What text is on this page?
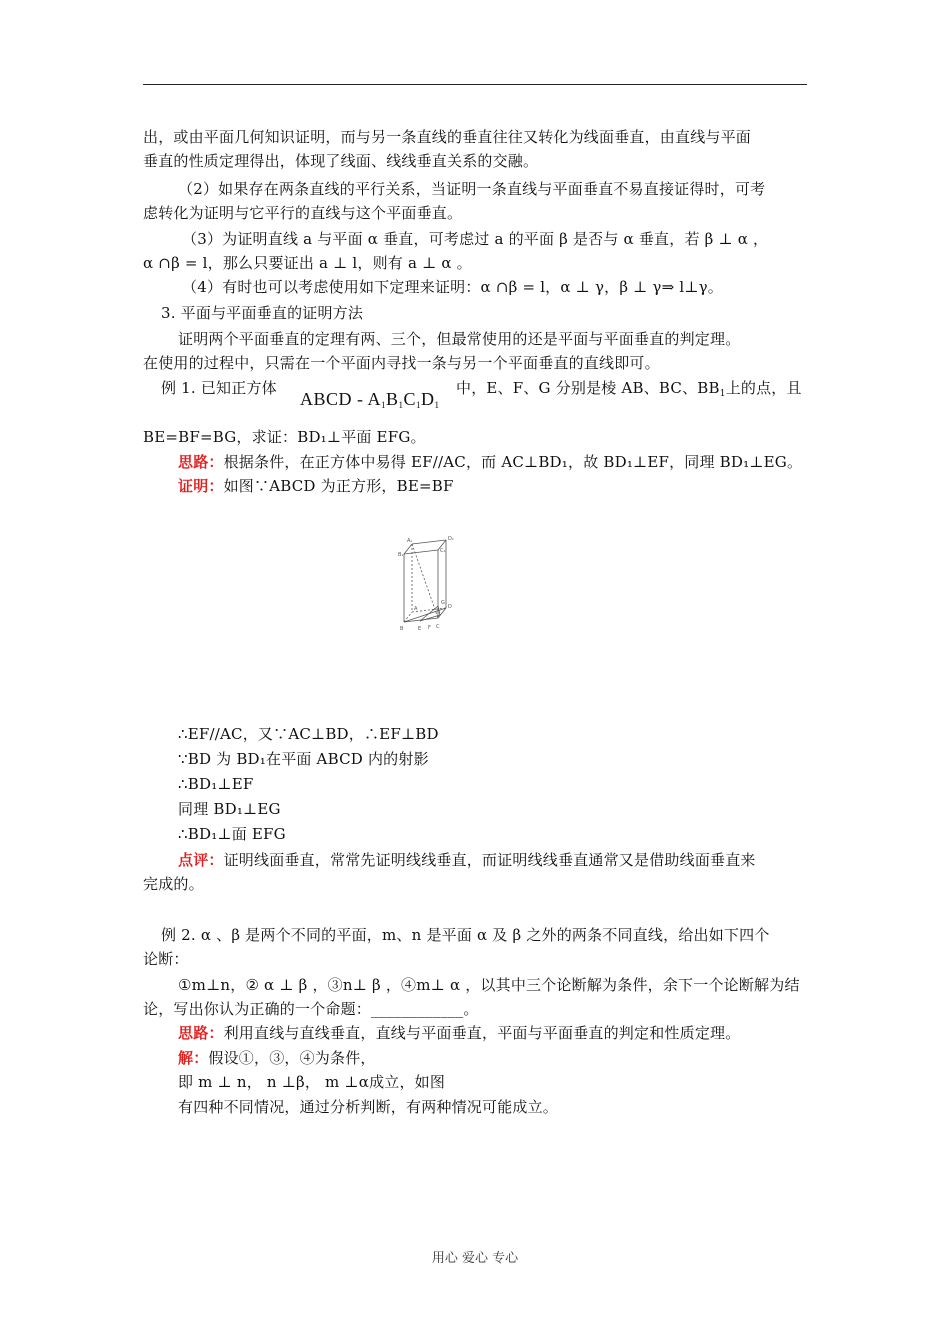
出，或由平面几何知识证明，而与另一条直线的垂直往往又转化为线面垂直，由直线与平面
垂直的性质定理得出，体现了线面、线线垂直关系的交融。
（2）如果存在两条直线的平行关系，当证明一条直线与平面垂直不易直接证得时，可考
虑转化为证明与它平行的直线与这个平面垂直。
（3）为证明直线 a 与平面 α 垂直，可考虑过 a 的平面 β 是否与 α 垂直，若 β ⊥ α ，
α ∩β = l，那么只要证出 a ⊥ l，则有 a ⊥ α 。
（4）有时也可以考虑使用如下定理来证明：α ∩β = l，α ⊥ γ，β ⊥ γ⇒ l⊥γ。
3. 平面与平面垂直的证明方法
证明两个平面垂直的定理有两、三个，但最常使用的还是平面与平面垂直的判定理。
在使用的过程中，只需在一个平面内寻找一条与另一个平面垂直的直线即可。
例 1. 已知正方体
ABCD - $A_1B_1C_1D_1$
中，E、F、G 分别是棱 AB、BC、$BB_1$上的点，且
BE=BF=BG，求证：BD₁⊥平面 EFG。
思路：根据条件，在正方体中易得 EF//AC，而 AC⊥BD₁，故 BD₁⊥EF，同理 BD₁⊥EG。
证明：如图∵ABCD 为正方形，BE=BF
A₁
B₁
C₁
D₁
A
B	C
D
E F
G
∴EF//AC，又∵AC⊥BD，∴EF⊥BD
∵BD 为 BD₁在平面 ABCD 内的射影
∴BD₁⊥EF
同理 BD₁⊥EG
∴BD₁⊥面 EFG
点评：证明线面垂直，常常先证明线线垂直，而证明线线垂直通常又是借助线面垂直来
完成的。
例 2. α 、β 是两个不同的平面，m、n 是平面 α 及 β 之外的两条不同直线，给出如下四个
论断：
①m⊥n，② α ⊥ β ，③n⊥ β ，④m⊥ α ，以其中三个论断解为条件，余下一个论断解为结
论，写出你认为正确的一个命题：____________。
思路：利用直线与直线垂直，直线与平面垂直，平面与平面垂直的判定和性质定理。
解：假设①，③，④为条件，
即 m ⊥ n， n ⊥β， m ⊥α成立，如图
有四种不同情况，通过分析判断，有两种情况可能成立。
用心 爱心 专心
